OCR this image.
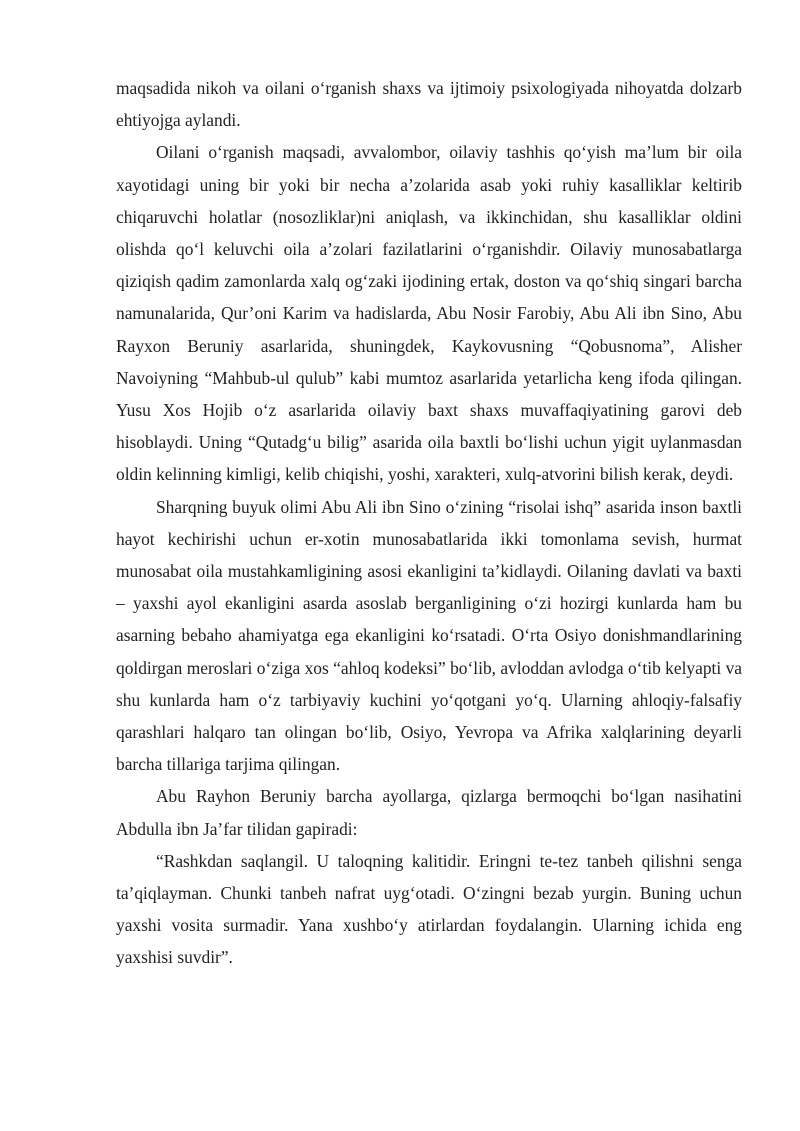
maqsadida nikoh va oilani o‘rganish shaxs va ijtimoiy psixologiyada nihoyatda dolzarb ehtiyojga aylandi.

Oilani o‘rganish maqsadi, avvalombor, oilaviy tashhis qo‘yish ma’lum bir oila xayotidagi uning bir yoki bir necha a’zolarida asab yoki ruhiy kasalliklar keltirib chiqaruvchi holatlar (nosozliklar)ni aniqlash, va ikkinchidan, shu kasalliklar oldini olishda qo‘l keluvchi oila a’zolari fazilatlarini o‘rganishdir. Oilaviy munosabatlarga qiziqish qadim zamonlarda xalq og‘zaki ijodining ertak, doston va qo‘shiq singari barcha namunalarida, Qur’oni Karim va hadislarda, Abu Nosir Farobiy, Abu Ali ibn Sino, Abu Rayxon Beruniy asarlarida, shuningdek, Kaykovusning “Qobusnoma”, Alisher Navoiyning “Mahbub-ul qulub” kabi mumtoz asarlarida yetarlicha keng ifoda qilingan. Yusu Xos Hojib o‘z asarlarida oilaviy baxt shaxs muvaffaqiyatining garovi deb hisoblaydi. Uning “Qutadg‘u bilig” asarida oila baxtli bo‘lishi uchun yigit uylanmasdan oldin kelinning kimligi, kelib chiqishi, yoshi, xarakteri, xulq-atvorini bilish kerak, deydi.

Sharqning buyuk olimi Abu Ali ibn Sino o‘zining “risolai ishq” asarida inson baxtli hayot kechirishi uchun er-xotin munosabatlarida ikki tomonlama sevish, hurmat munosabat oila mustahkamligining asosi ekanligini ta’kidlaydi. Oilaning davlati va baxti – yaxshi ayol ekanligini asarda asoslab berganligining o‘zi hozirgi kunlarda ham bu asarning bebaho ahamiyatga ega ekanligini ko‘rsatadi. O‘rta Osiyo donishmandlarining qoldirgan meroslari o‘ziga xos “ahloq kodeksi” bo‘lib, avloddan avlodga o‘tib kelyapti va shu kunlarda ham o‘z tarbiyaviy kuchini yo‘qotgani yo‘q. Ularning ahloqiy-falsafiy qarashlari halqaro tan olingan bo‘lib, Osiyo, Yevropa va Afrika xalqlarining deyarli barcha tillariga tarjima qilingan.

Abu Rayhon Beruniy barcha ayollarga, qizlarga bermoqchi bo‘lgan nasihatini Abdulla ibn Ja’far tilidan gapiradi:

“Rashkdan saqlangil. U taloqning kalitidir. Eringni te-tez tanbeh qilishni senga ta’qiqlayman. Chunki tanbeh nafrat uyg‘otadi. O‘zingni bezab yurgin. Buning uchun yaxshi vosita surmadir. Yana xushbo‘y atirlardan foydalangin. Ularning ichida eng yaxshisi suvdir”.
